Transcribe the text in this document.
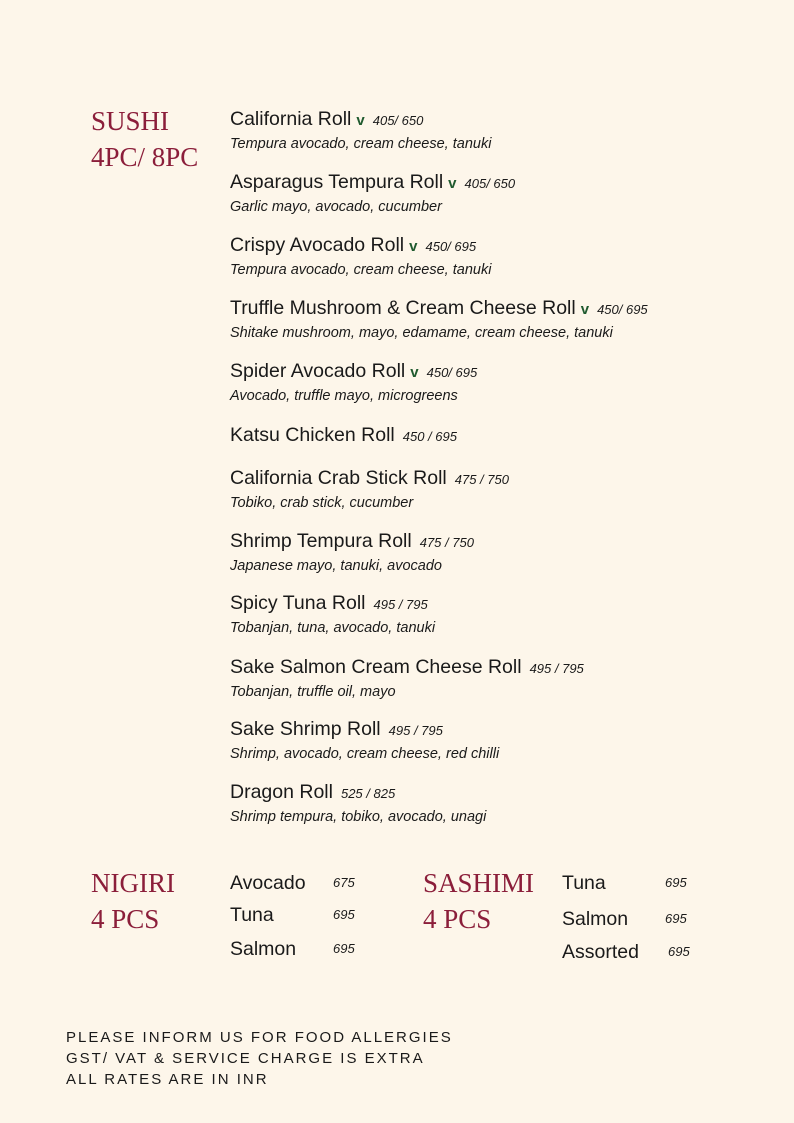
SUSHI
4PC/ 8PC
California Roll v 405/ 650
Tempura avocado, cream cheese, tanuki
Asparagus Tempura Roll v 405/ 650
Garlic mayo, avocado, cucumber
Crispy Avocado Roll v 450/ 695
Tempura avocado, cream cheese, tanuki
Truffle Mushroom & Cream Cheese Roll v 450/ 695
Shitake mushroom, mayo, edamame, cream cheese, tanuki
Spider Avocado Roll v 450/ 695
Avocado, truffle mayo, microgreens
Katsu Chicken Roll 450 / 695
California Crab Stick Roll 475 / 750
Tobiko, crab stick, cucumber
Shrimp Tempura Roll 475 / 750
Japanese mayo, tanuki, avocado
Spicy Tuna Roll 495 / 795
Tobanjan, tuna, avocado, tanuki
Sake Salmon Cream Cheese Roll 495 / 795
Tobanjan, truffle oil, mayo
Sake Shrimp Roll 495 / 795
Shrimp, avocado, cream cheese, red chilli
Dragon Roll 525 / 825
Shrimp tempura, tobiko, avocado, unagi
NIGIRI
4 PCS
Avocado 675
Tuna	695
Salmon	695
SASHIMI
4 PCS
Tuna	695
Salmon	695
Assorted 695
PLEASE INFORM US FOR FOOD ALLERGIES
GST/ VAT & SERVICE CHARGE IS EXTRA
ALL RATES ARE IN INR
